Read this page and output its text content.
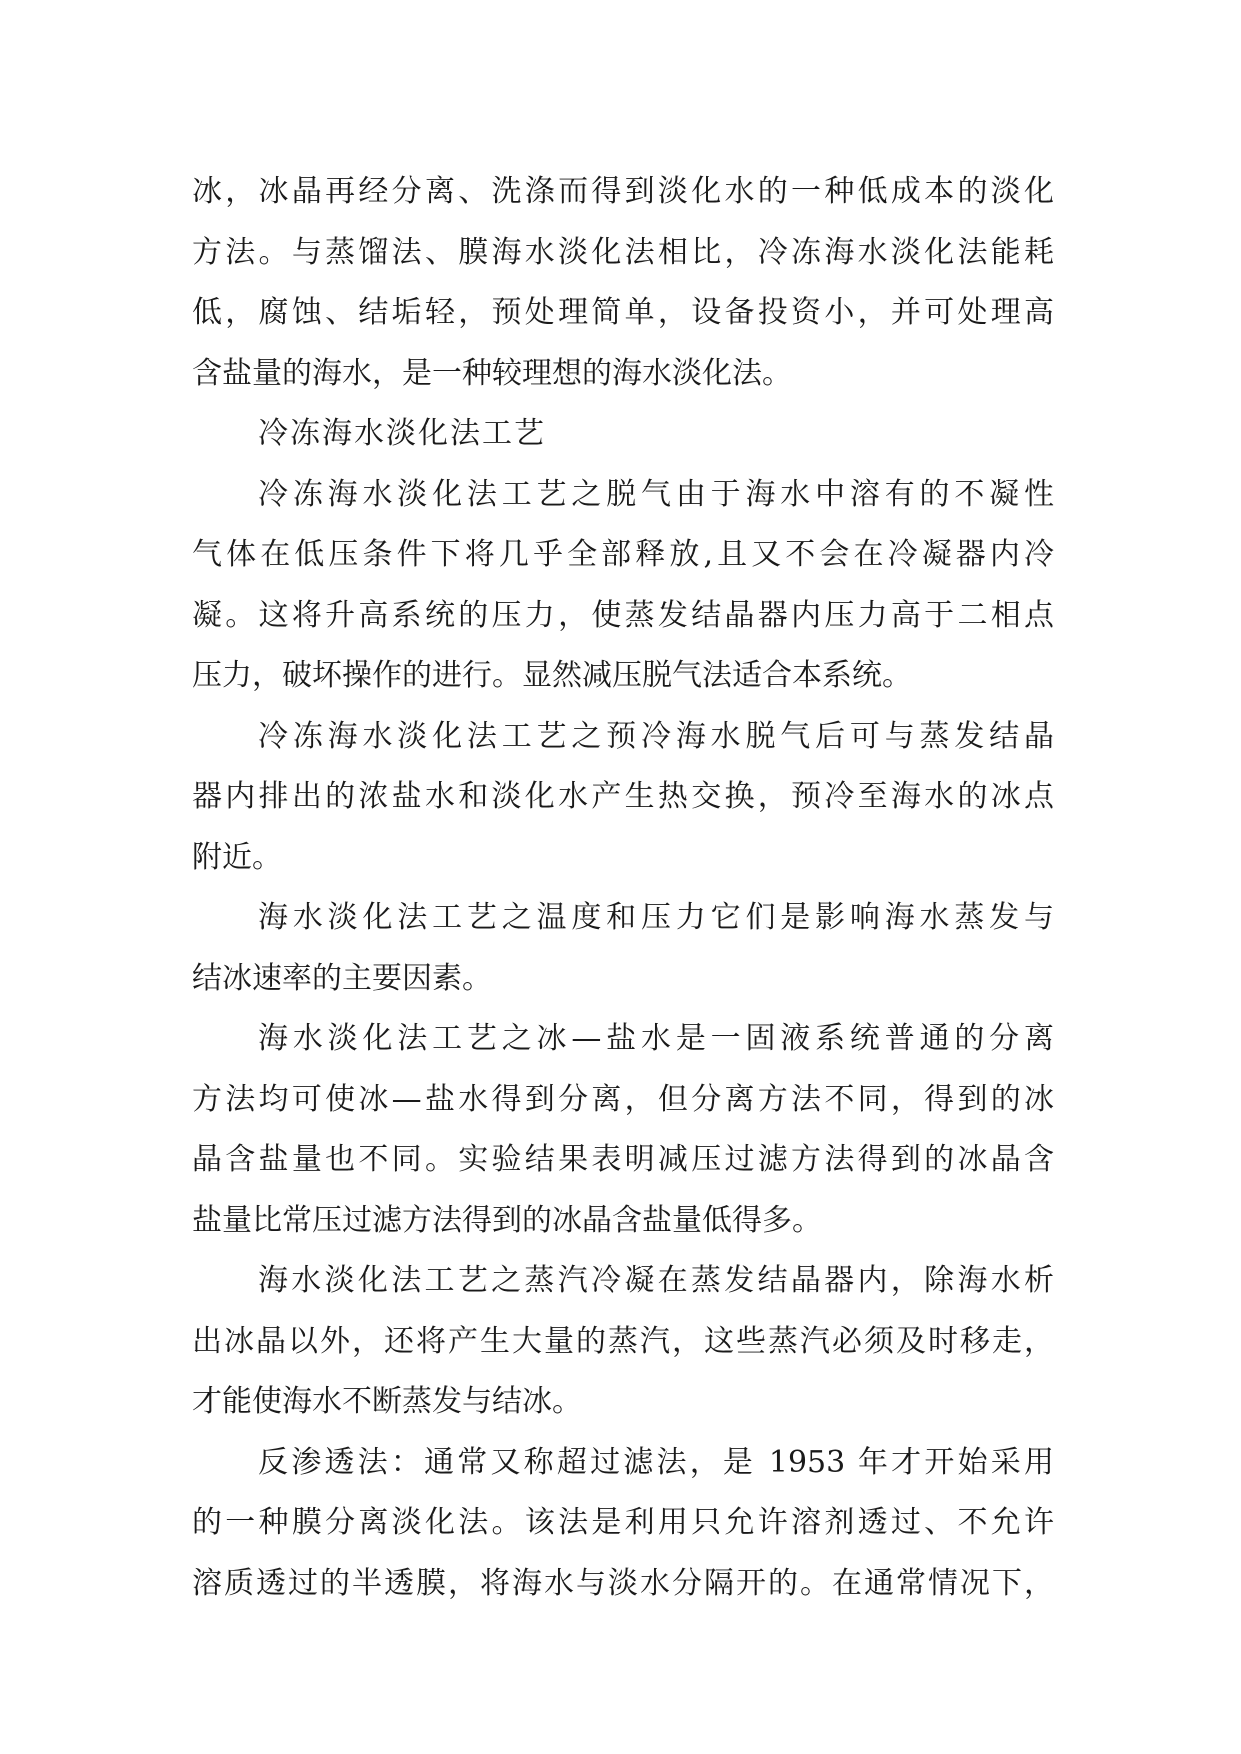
冰，冰晶再经分离、洗涤而得到淡化水的一种低成本的淡化
方法。与蒸馏法、膜海水淡化法相比，冷冻海水淡化法能耗
低，腐蚀、结垢轻，预处理简单，设备投资小，并可处理高
含盐量的海水，是一种较理想的海水淡化法。
冷冻海水淡化法工艺
冷冻海水淡化法工艺之脱气由于海水中溶有的不凝性
气体在低压条件下将几乎全部释放,且又不会在冷凝器内冷
凝。这将升高系统的压力，使蒸发结晶器内压力高于二相点
压力，破坏操作的进行。显然减压脱气法适合本系统。
冷冻海水淡化法工艺之预冷海水脱气后可与蒸发结晶
器内排出的浓盐水和淡化水产生热交换，预冷至海水的冰点
附近。
海水淡化法工艺之温度和压力它们是影响海水蒸发与
结冰速率的主要因素。
海水淡化法工艺之冰—盐水是一固液系统普通的分离
方法均可使冰—盐水得到分离，但分离方法不同，得到的冰
晶含盐量也不同。实验结果表明减压过滤方法得到的冰晶含
盐量比常压过滤方法得到的冰晶含盐量低得多。
海水淡化法工艺之蒸汽冷凝在蒸发结晶器内，除海水析
出冰晶以外，还将产生大量的蒸汽，这些蒸汽必须及时移走，
才能使海水不断蒸发与结冰。
反渗透法：通常又称超过滤法，是 1953 年才开始采用
的一种膜分离淡化法。该法是利用只允许溶剂透过、不允许
溶质透过的半透膜，将海水与淡水分隔开的。在通常情况下，
